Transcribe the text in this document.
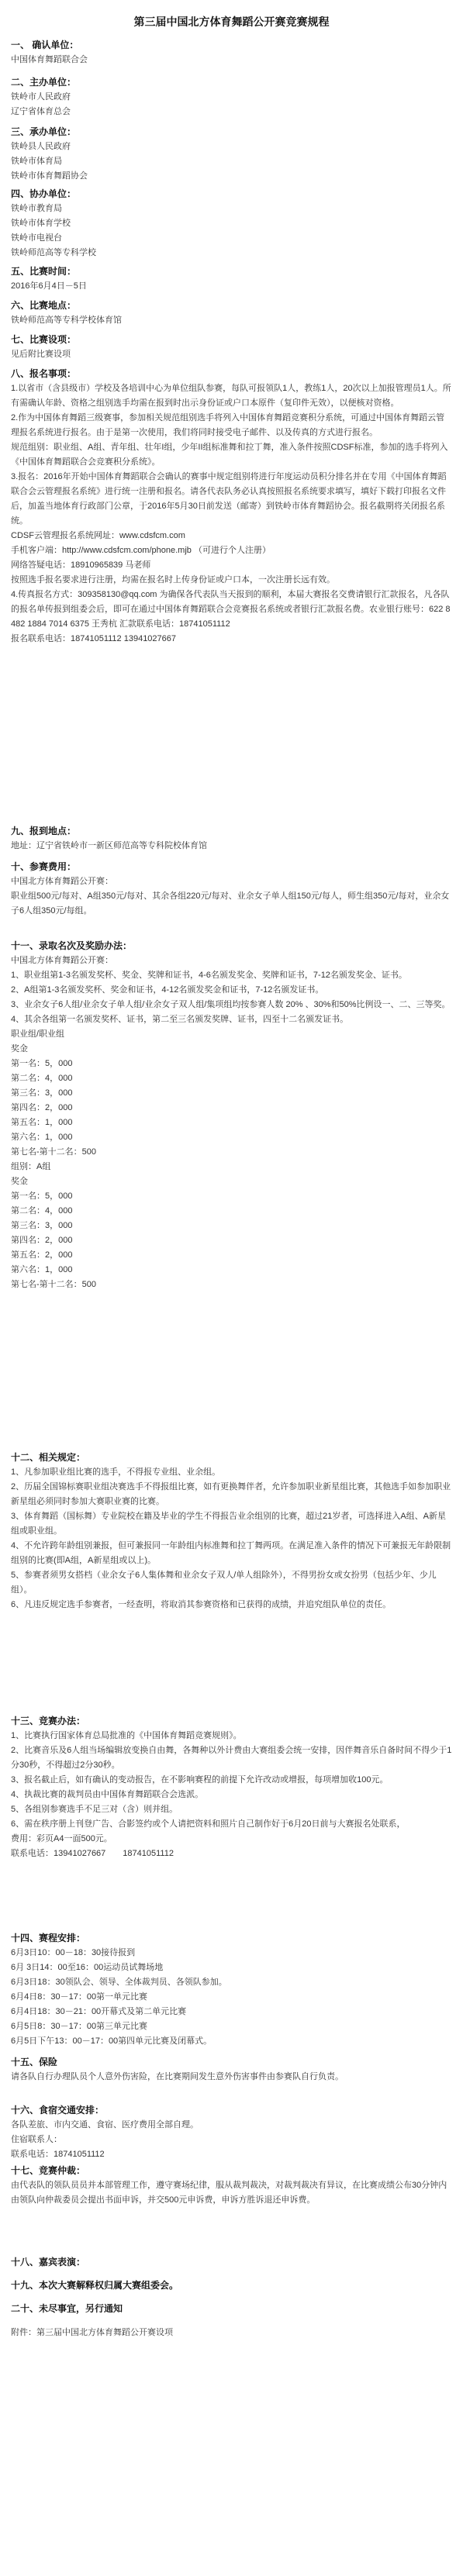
第三届中国北方体育舞蹈公开赛竞赛规程
一、 确认单位：

中国体育舞蹈联合会

二、主办单位：

铁岭市人民政府

辽宁省体育总会

三、承办单位：

铁岭县人民政府

铁岭市体育局

铁岭市体育舞蹈协会

四、协办单位：

铁岭市教育局

铁岭市体育学校

铁岭市电视台

铁岭师范高等专科学校

五、比赛时间：

2016年6月4日－5日

六、比赛地点：

铁岭师范高等专科学校体育馆

七、比赛设项：

见后附比赛设项

八、报名事项：

1.以省市（含县级市）学校及各培训中心为单位组队参赛，每队可报领队1人，教练1人，20次以上加报管理员1人。所有需确认年龄、资格之组别选手均需在报到时出示身份证或户口本原件（复印件无效），以便核对资格。

2.作为中国体育舞蹈三级赛事，参加相关规范组别选手将列入中国体育舞蹈竞赛积分系统，可通过中国体育舞蹈云管理报名系统进行报名。由于是第一次使用，我们将同时接受电子邮件、以及传真的方式进行报名。

规范组别：职业组、A组、青年组、壮年I组，少年II组标准舞和拉丁舞，准入条件按照CDSF标准，参加的选手将列入《中国体育舞蹈联合会竞赛积分系统》。

3.报名：2016年开始中国体育舞蹈联合会确认的赛事中规定组别将进行年度运动员积分排名并在专用《中国体育舞蹈联合会云管理报名系统》进行统一注册和报名。请各代表队务必认真按照报名系统要求填写，填好下载打印报名文件后，加盖当地体育行政部门公章，于2016年5月30日前发送（邮寄）到铁岭市体育舞蹈协会。报名截期将关闭报名系统。

CDSF云管理报名系统网址：www.cdsfcm.com

手机客户端：http://www.cdsfcm.com/phone.mjb （可进行个人注册）

网络答疑电话：18910965839 马老师

按照选手报名要求进行注册，均需在报名时上传身份证或户口本，一次注册长远有效。

4.传真报名方式：309358130@qq.com 为确保各代表队当天报到的顺利，本届大赛报名交费请银行汇款报名，凡各队的报名单传报到组委会后，即可在通过中国体育舞蹈联合会竞赛报名系统或者银行汇款报名费。农业银行账号：622 8482 1884 7014 6375 王秀杭 汇款联系电话：18741051112

报名联系电话：18741051112 13941027667

九、报到地点：

地址：辽宁省铁岭市一新区师范高等专科院校体育馆

十、参赛费用：

中国北方体育舞蹈公开赛：

职业组500元/每对、A组350元/每对、其余各组220元/每对、业余女子单人组150元/每人，师生组350元/每对，业余女子6人组350元/每组。

十一、录取名次及奖励办法：

中国北方体育舞蹈公开赛：

1、职业组第1-3名颁发奖杯、奖金、奖牌和证书，4-6名颁发奖金、奖牌和证书，7-12名颁发奖金、证书。

2、A组第1-3名颁发奖杯、奖金和证书，4-12名颁发奖金和证书，7-12名颁发证书。

3、业余女子6人组/业余女子单人组/业余女子双人组/集项组均按参赛人数 20% 、30%和50%比例设一、二、三等奖。

4、其余各组第一名颁发奖杯、证书，第二至三名颁发奖牌、证书，四至十二名颁发证书。

职业组/职业组

奖金

第一名：5，000

第二名：4，000

第三名：3，000

第四名：2，000

第五名：1，000

第六名：1，000

第七名-第十二名：500

组别：A组

奖金

第一名：5，000

第二名：4，000

第三名：3，000

第四名：2，000

第五名：2，000

第六名：1，000

第七名-第十二名：500

十二、相关规定：

1、凡参加职业组比赛的选手，不得报专业组、业余组。

2、历届全国锦标赛职业组决赛选手不得报组比赛，如有更换舞伴者，允许参加职业新星组比赛，其他选手如参加职业新星组必须同时参加大赛职业赛的比赛。

3、体育舞蹈（国标舞）专业院校在籍及毕业的学生不得报告业余组别的比赛，超过21岁者，可选择进入A组、A新星组或职业组。

4、不允许跨年龄组别兼报，但可兼报同一年龄组内标准舞和拉丁舞两项。在满足准入条件的情况下可兼报无年龄限制组别的比赛(即A组，A新星组或以上)。

5、参赛者须男女搭档（业余女子6人集体舞和业余女子双人/单人组除外），不得男扮女或女扮男（包括少年、少儿组）。

6、凡违反规定选手参赛者，一经查明，将取消其参赛资格和已获得的成绩，并追究组队单位的责任。

十三、竞赛办法：

1、比赛执行国家体育总局批准的《中国体育舞蹈竞赛规则》。

2、比赛音乐及6人组当场编辑放变换自由舞，各舞种以外计费由大赛组委会统一安排，因伴舞音乐自备时间不得少于1分30秒，不得超过2分30秒。

3、报名截止后，如有确认的变动报告，在不影响赛程的前提下允许改动或增报，每项增加收100元。

4、执裁比赛的裁判员由中国体育舞蹈联合会选派。

5、各组别参赛选手不足三对（含）则并组。

6、需在秩序册上刊登广告、合影签约或个人请把资料和照片自己制作好于6月20日前与大赛报名处联系，

费用：彩页A4一面500元。

联系电话：13941027667　　18741051112

十四、赛程安排：

6月3日10：00－18：30接待报到

6月 3日14：00至16：00运动员试舞场地

6月3日18：30领队会、领导、全体裁判员、各领队参加。

6月4日8：30－17：00第一单元比赛

6月4日18：30－21：00开幕式及第二单元比赛

6月5日8：30－17：00第三单元比赛

6月5日下午13：00－17：00第四单元比赛及闭幕式。

十五、保险

请各队自行办理队员个人意外伤害险，在比赛期间发生意外伤害事件由参赛队自行负责。

十六、食宿交通安排：

各队差旅、市内交通、食宿、医疗费用全部自理。

住宿联系人：

联系电话：18741051112

十七、竞赛仲裁：

由代表队的领队员员并本部管理工作，遵守赛场纪律，服从裁判裁决，对裁判裁决有异议，在比赛成绩公布30分钟内由领队向仲裁委员会提出书面申诉，并交500元申诉费，申诉方胜诉退还申诉费。

十八、嘉宾表演：
十九、本次大赛解释权归属大赛组委会。
二十、未尽事宜，另行通知
附件：第三届中国北方体育舞蹈公开赛设项
